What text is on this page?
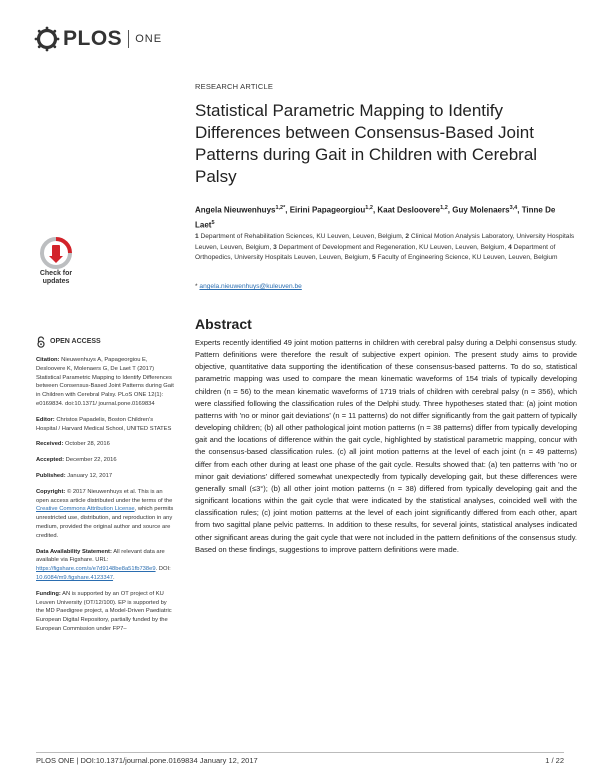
PLOS ONE
RESEARCH ARTICLE
Statistical Parametric Mapping to Identify Differences between Consensus-Based Joint Patterns during Gait in Children with Cerebral Palsy
Angela Nieuwenhuys$^{1,2*}$, Eirini Papageorgiou$^{1,2}$, Kaat Desloovere$^{1,2}$, Guy Molenaers$^{3,4}$, Tinne De Laet$^5$
1 Department of Rehabilitation Sciences, KU Leuven, Leuven, Belgium, 2 Clinical Motion Analysis Laboratory, University Hospitals Leuven, Leuven, Belgium, 3 Department of Development and Regeneration, KU Leuven, Leuven, Belgium, 4 Department of Orthopedics, University Hospitals Leuven, Leuven, Belgium, 5 Faculty of Engineering Science, KU Leuven, Leuven, Belgium
* angela.nieuwenhuys@kuleuven.be
Check for
updates
OPEN ACCESS
Citation: Nieuwenhuys A, Papageorgiou E, Desloovere K, Molenaers G, De Laet T (2017) Statistical Parametric Mapping to Identify Differences between Consensus-Based Joint Patterns during Gait in Children with Cerebral Palsy. PLoS ONE 12(1): e0169834. doi:10.1371/ journal.pone.0169834
Editor: Christos Papadelis, Boston Children's Hospital / Harvard Medical School, UNITED STATES
Received: October 28, 2016
Accepted: December 22, 2016
Published: January 12, 2017
Copyright: © 2017 Nieuwenhuys et al. This is an open access article distributed under the terms of the Creative Commons Attribution License, which permits unrestricted use, distribution, and reproduction in any medium, provided the original author and source are credited.
Data Availability Statement: All relevant data are available via Figshare. URL: https://figshare.com/s/e7d9148be8a51fb738e9. DOI: 10.6084/m9.figshare.4123347.
Funding: AN is supported by an OT project of KU Leuven University (OT/12/100). EP is supported by the MD Paedigree project, a Model-Driven Paediatric European Digital Repository, partially funded by the European Commission under FP7–
Abstract

Experts recently identified 49 joint motion patterns in children with cerebral palsy during a Delphi consensus study. Pattern definitions were therefore the result of subjective expert opinion. The present study aims to provide objective, quantitative data supporting the identification of these consensus-based patterns. To do so, statistical parametric mapping was used to compare the mean kinematic waveforms of 154 trials of typically developing children (n = 56) to the mean kinematic waveforms of 1719 trials of children with cerebral palsy (n = 356), which were classified following the classification rules of the Delphi study. Three hypotheses stated that: (a) joint motion patterns with 'no or minor gait deviations' (n = 11 patterns) do not differ significantly from the gait pattern of typically developing children; (b) all other pathological joint motion patterns (n = 38 patterns) differ from typically developing gait and the locations of difference within the gait cycle, highlighted by statistical parametric mapping, concur with the consensus-based classification rules. (c) all joint motion patterns at the level of each joint (n = 49 patterns) differ from each other during at least one phase of the gait cycle. Results showed that: (a) ten patterns with 'no or minor gait deviations' differed somewhat unexpectedly from typically developing gait, but these differences were generally small (≤3°); (b) all other joint motion patterns (n = 38) differed from typically developing gait and the significant locations within the gait cycle that were indicated by the statistical analyses, coincided well with the classification rules; (c) joint motion patterns at the level of each joint significantly differed from each other, apart from two sagittal plane pelvic patterns. In addition to these results, for several joints, statistical analyses indicated other significant areas during the gait cycle that were not included in the pattern definitions of the consensus study. Based on these findings, suggestions to improve pattern definitions were made.

PLOS ONE | DOI:10.1371/journal.pone.0169834 January 12, 2017	1 / 22
